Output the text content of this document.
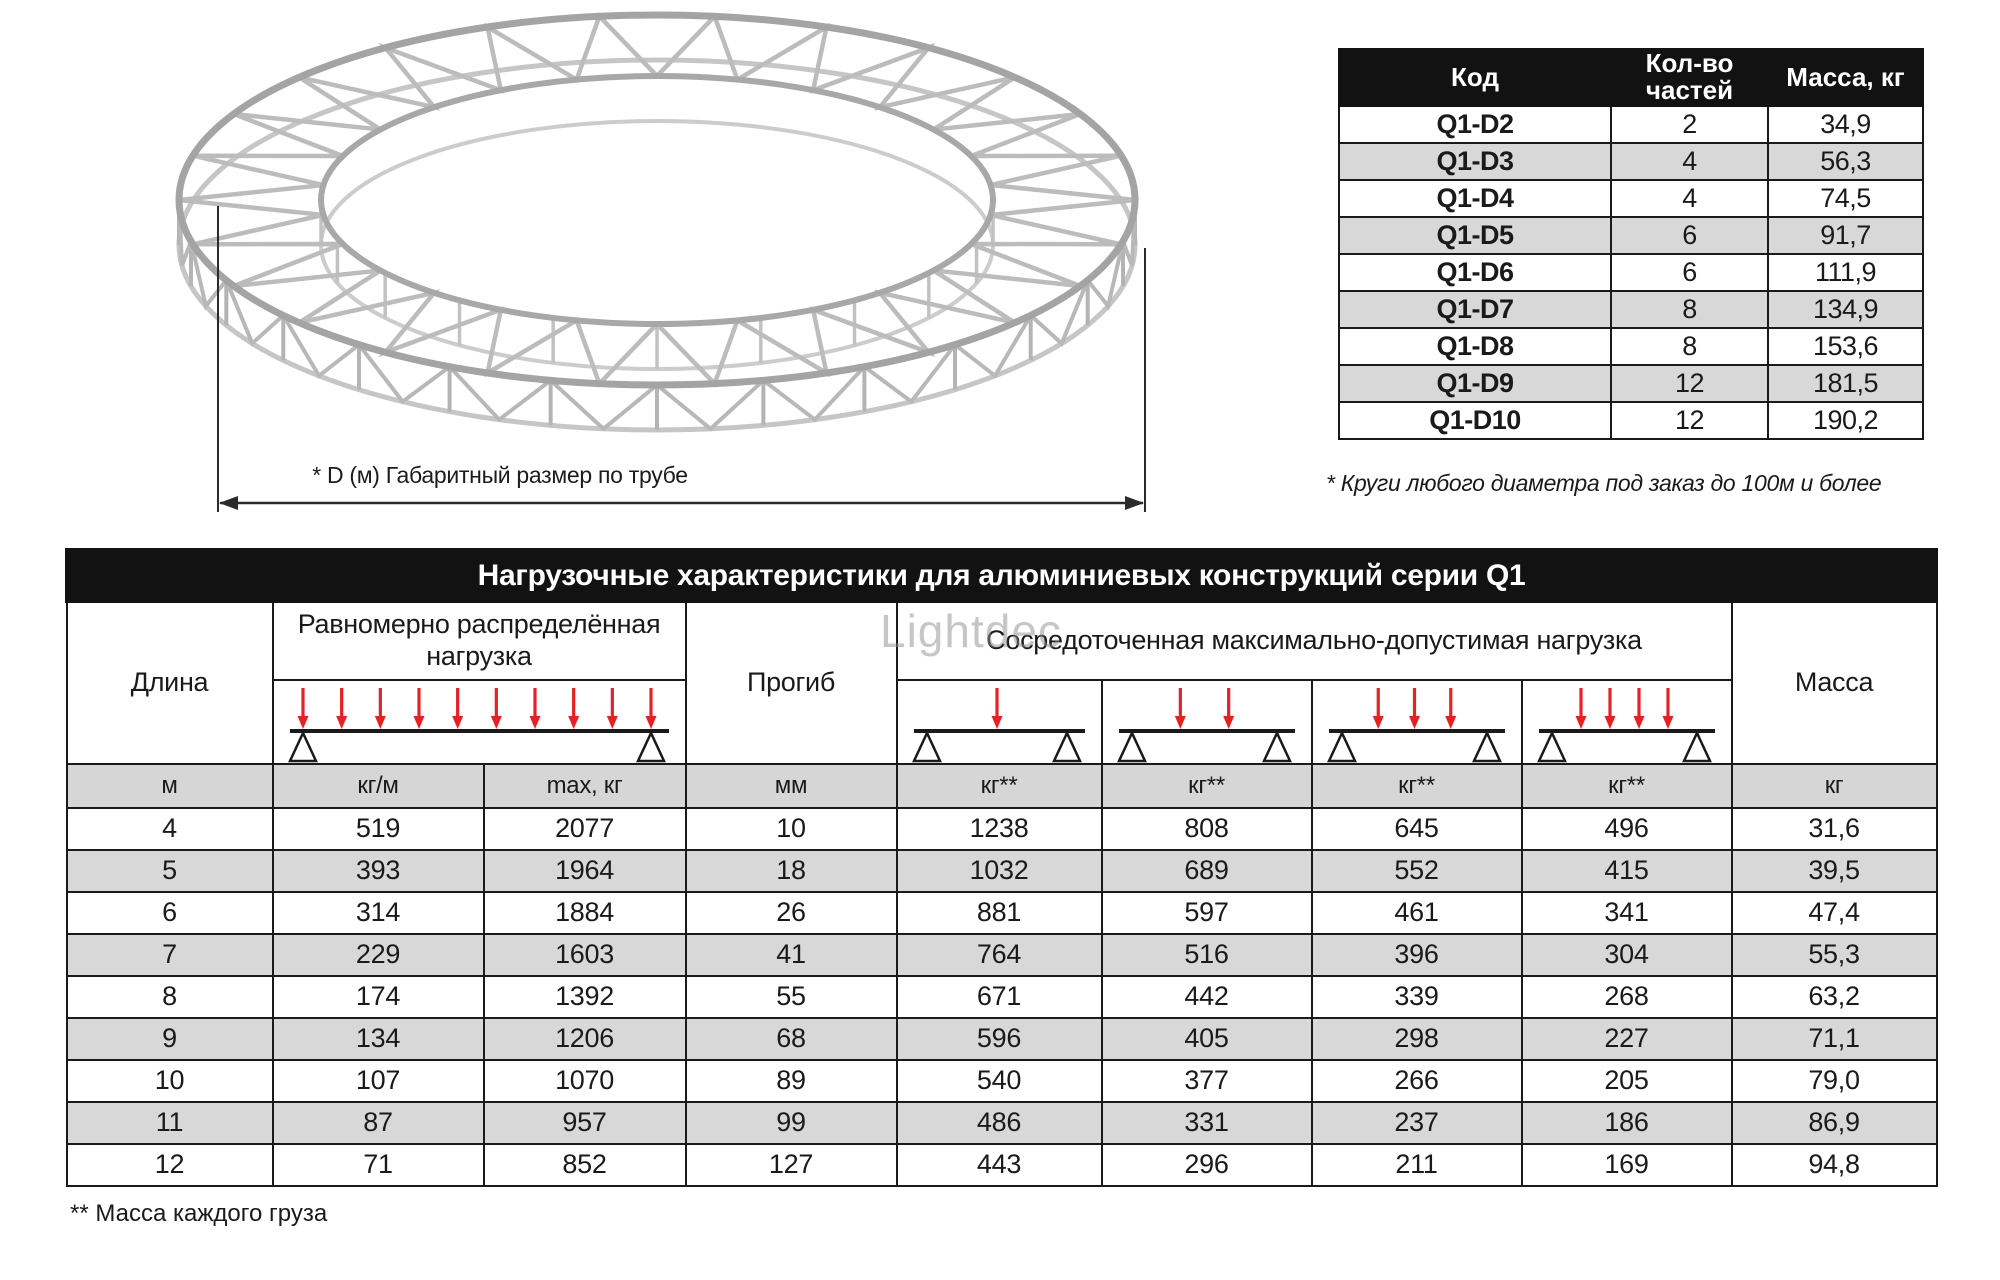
* D (м) Габаритный размер по трубе
Lightdec
Код	Кол-во частей	Масса, кг
Q1-D2	2	34,9
Q1-D3	4	56,3
Q1-D4	4	74,5
Q1-D5	6	91,7
Q1-D6	6	111,9
Q1-D7	8	134,9
Q1-D8	8	153,6
Q1-D9	12	181,5
Q1-D10	12	190,2
* Круги любого диаметра под заказ до 100м и более
Нагрузочные характеристики для алюминиевых конструкций серии Q1								
Длина	Равномерно распределённая нагрузка		Прогиб	Сосредоточенная максимально-допустимая нагрузка				Масса

м	кг/м	max, кг	мм	кг**	кг**	кг**	кг**	кг
4	519	2077	10	1238	808	645	496	31,6
5	393	1964	18	1032	689	552	415	39,5
6	314	1884	26	881	597	461	341	47,4
7	229	1603	41	764	516	396	304	55,3
8	174	1392	55	671	442	339	268	63,2
9	134	1206	68	596	405	298	227	71,1
10	107	1070	89	540	377	266	205	79,0
11	87	957	99	486	331	237	186	86,9
12	71	852	127	443	296	211	169	94,8
** Масса каждого груза
